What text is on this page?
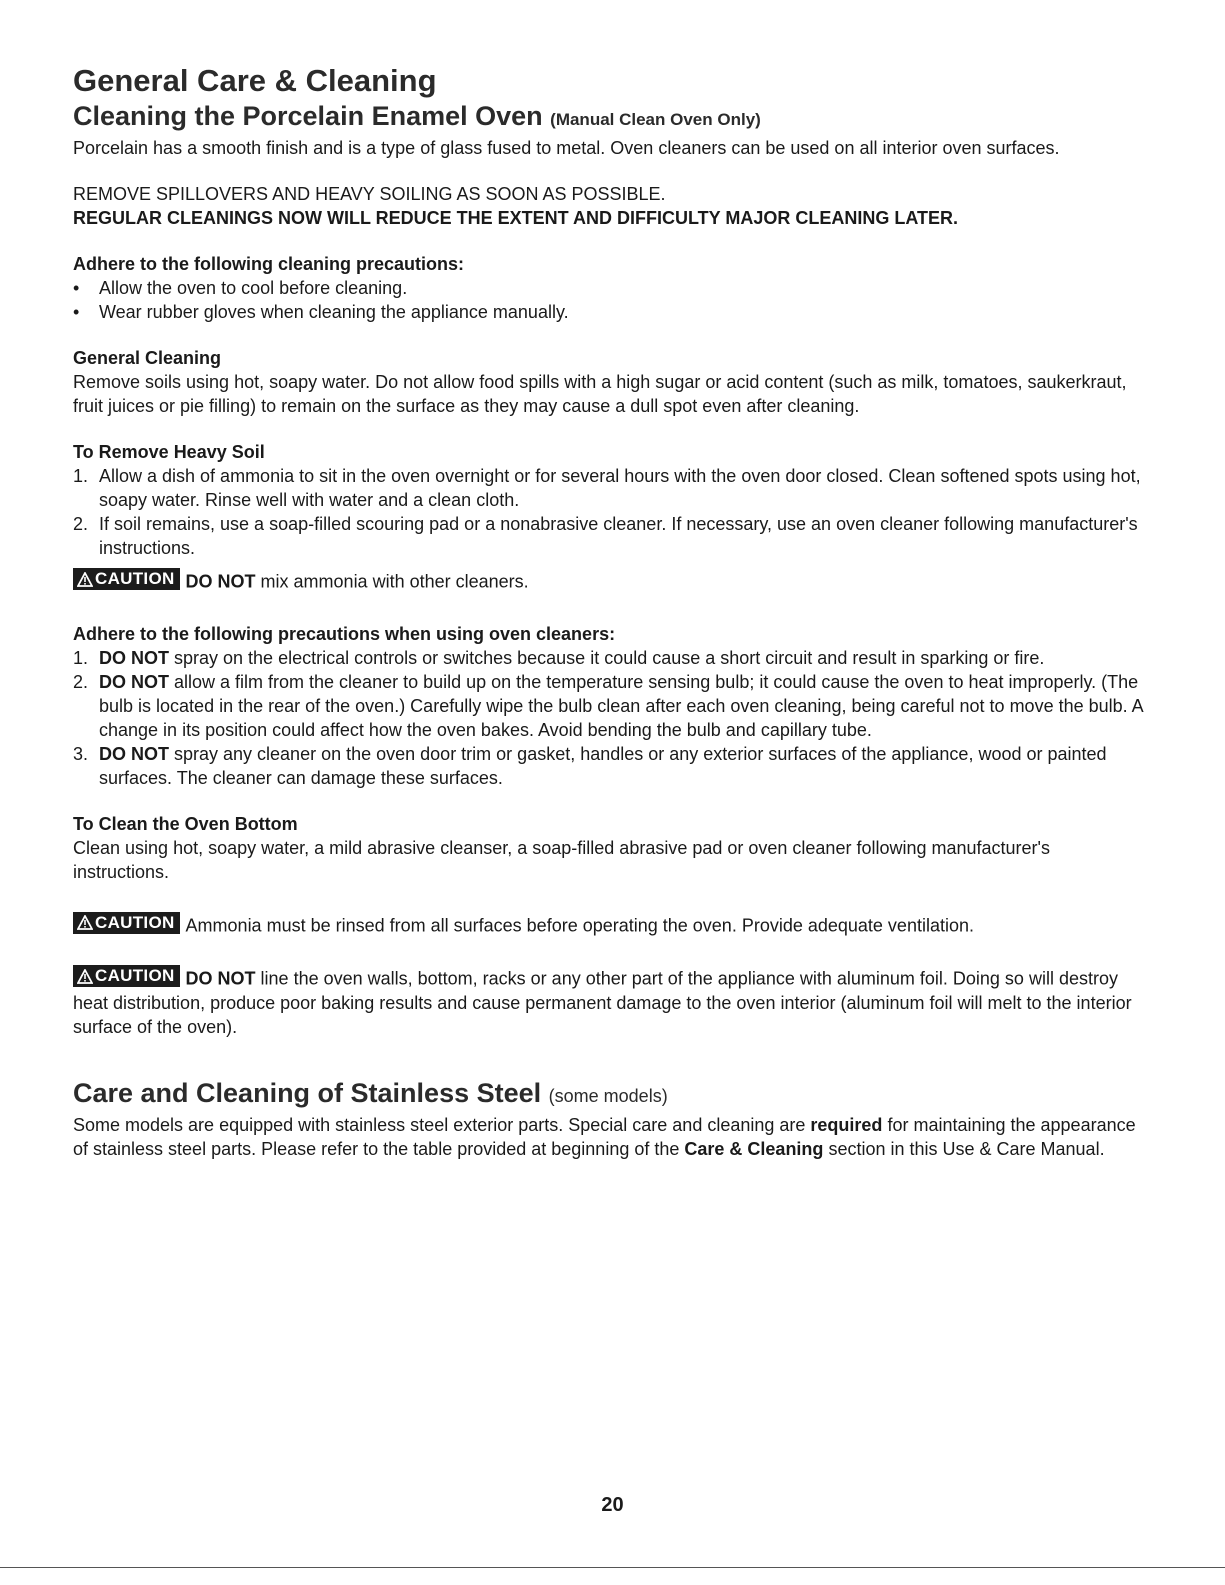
General Care & Cleaning
Cleaning the Porcelain Enamel Oven (Manual Clean Oven Only)

Porcelain has a smooth finish and is a type of glass fused to metal. Oven cleaners can be used on all interior oven surfaces.

REMOVE SPILLOVERS AND HEAVY SOILING AS SOON AS POSSIBLE.

REGULAR CLEANINGS NOW WILL REDUCE THE EXTENT AND DIFFICULTY MAJOR CLEANING LATER.

Adhere to the following cleaning precautions:

• Allow the oven to cool before cleaning.
• Wear rubber gloves when cleaning the appliance manually.

General Cleaning

Remove soils using hot, soapy water. Do not allow food spills with a high sugar or acid content (such as milk, tomatoes, saukerkraut, fruit juices or pie filling) to remain on the surface as they may cause a dull spot even after cleaning.

To Remove Heavy Soil

1. Allow a dish of ammonia to sit in the oven overnight or for several hours with the oven door closed. Clean softened spots using hot, soapy water. Rinse well with water and a clean cloth.
2. If soil remains, use a soap-filled scouring pad or a nonabrasive cleaner. If necessary, use an oven cleaner following manufacturer's instructions.

CAUTION DO NOT mix ammonia with other cleaners.

Adhere to the following precautions when using oven cleaners:

1. DO NOT spray on the electrical controls or switches because it could cause a short circuit and result in sparking or fire.
2. DO NOT allow a film from the cleaner to build up on the temperature sensing bulb; it could cause the oven to heat improperly. (The bulb is located in the rear of the oven.) Carefully wipe the bulb clean after each oven cleaning, being careful not to move the bulb. A change in its position could affect how the oven bakes. Avoid bending the bulb and capillary tube.
3. DO NOT spray any cleaner on the oven door trim or gasket, handles or any exterior surfaces of the appliance, wood or painted surfaces. The cleaner can damage these surfaces.

To Clean the Oven Bottom

Clean using hot, soapy water, a mild abrasive cleanser, a soap-filled abrasive pad or oven cleaner following manufacturer's instructions.

CAUTION Ammonia must be rinsed from all surfaces before operating the oven. Provide adequate ventilation.

CAUTION DO NOT line the oven walls, bottom, racks or any other part of the appliance with aluminum foil. Doing so will destroy heat distribution, produce poor baking results and cause permanent damage to the oven interior (aluminum foil will melt to the interior surface of the oven).

Care and Cleaning of Stainless Steel (some models)

Some models are equipped with stainless steel exterior parts. Special care and cleaning are required for maintaining the appearance of stainless steel parts. Please refer to the table provided at beginning of the Care & Cleaning section in this Use & Care Manual.

20
